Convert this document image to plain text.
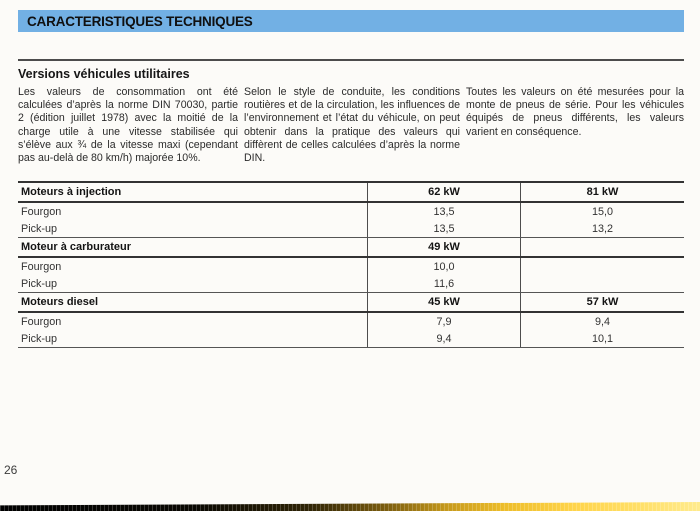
CARACTERISTIQUES TECHNIQUES
Versions véhicules utilitaires
Les valeurs de consommation ont été calculées d’après la norme DIN 70030, partie 2 (édition juillet 1978) avec la moitié de la charge utile à une vitesse stabilisée qui s’élève aux ¾ de la vitesse maxi (cependant pas au-delà de 80 km/h) majorée 10%.
Selon le style de conduite, les conditions routières et de la circulation, les influences de l’environnement et l’état du véhicule, on peut obtenir dans la pratique des valeurs qui diffèrent de celles calculées d’après la norme DIN.
Toutes les valeurs on été mesurées pour la monte de pneus de série. Pour les véhicules équipés de pneus différents, les valeurs varient en conséquence.
Moteurs à injection	62 kW	81 kW
Fourgon	13,5	15,0
Pick-up	13,5	13,2
Moteur à carburateur	49 kW
Fourgon	10,0
Pick-up	11,6
Moteurs diesel	45 kW	57 kW
Fourgon	7,9	9,4
Pick-up	9,4	10,1
26
